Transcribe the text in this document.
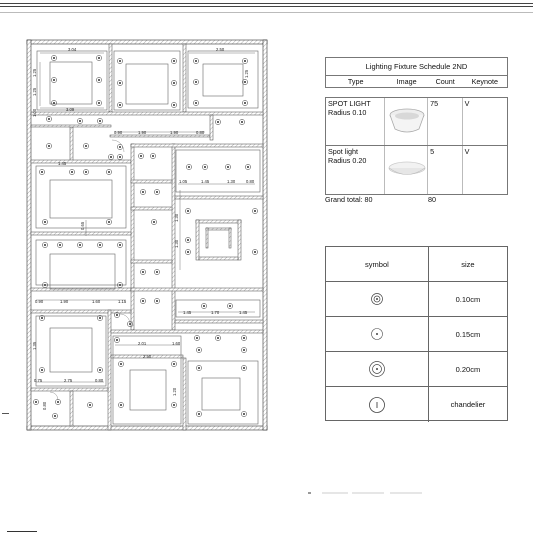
3.04	2.50
3.09
1.25
1.25
1.25
1.00
0.90	1.90	1.90	0.80
1.45
1.05	1.45	1.30	0.80
0.65
1.30
1.30
0.90	1.90	1.60	1.15
1.45	1.70	1.45
1.35	2.01	1.60
0.75	2.75	0.80
2.50
1.20
0.80
Lighting Fixture Schedule 2ND
Type	Image	Count	Keynote
SPOT LIGHT
Radius 0.10
75	V
Spot light
Radius 0.20
5	V
Grand total: 80	80
symbol	size
0.10cm
0.15cm
0.20cm
chandelier
